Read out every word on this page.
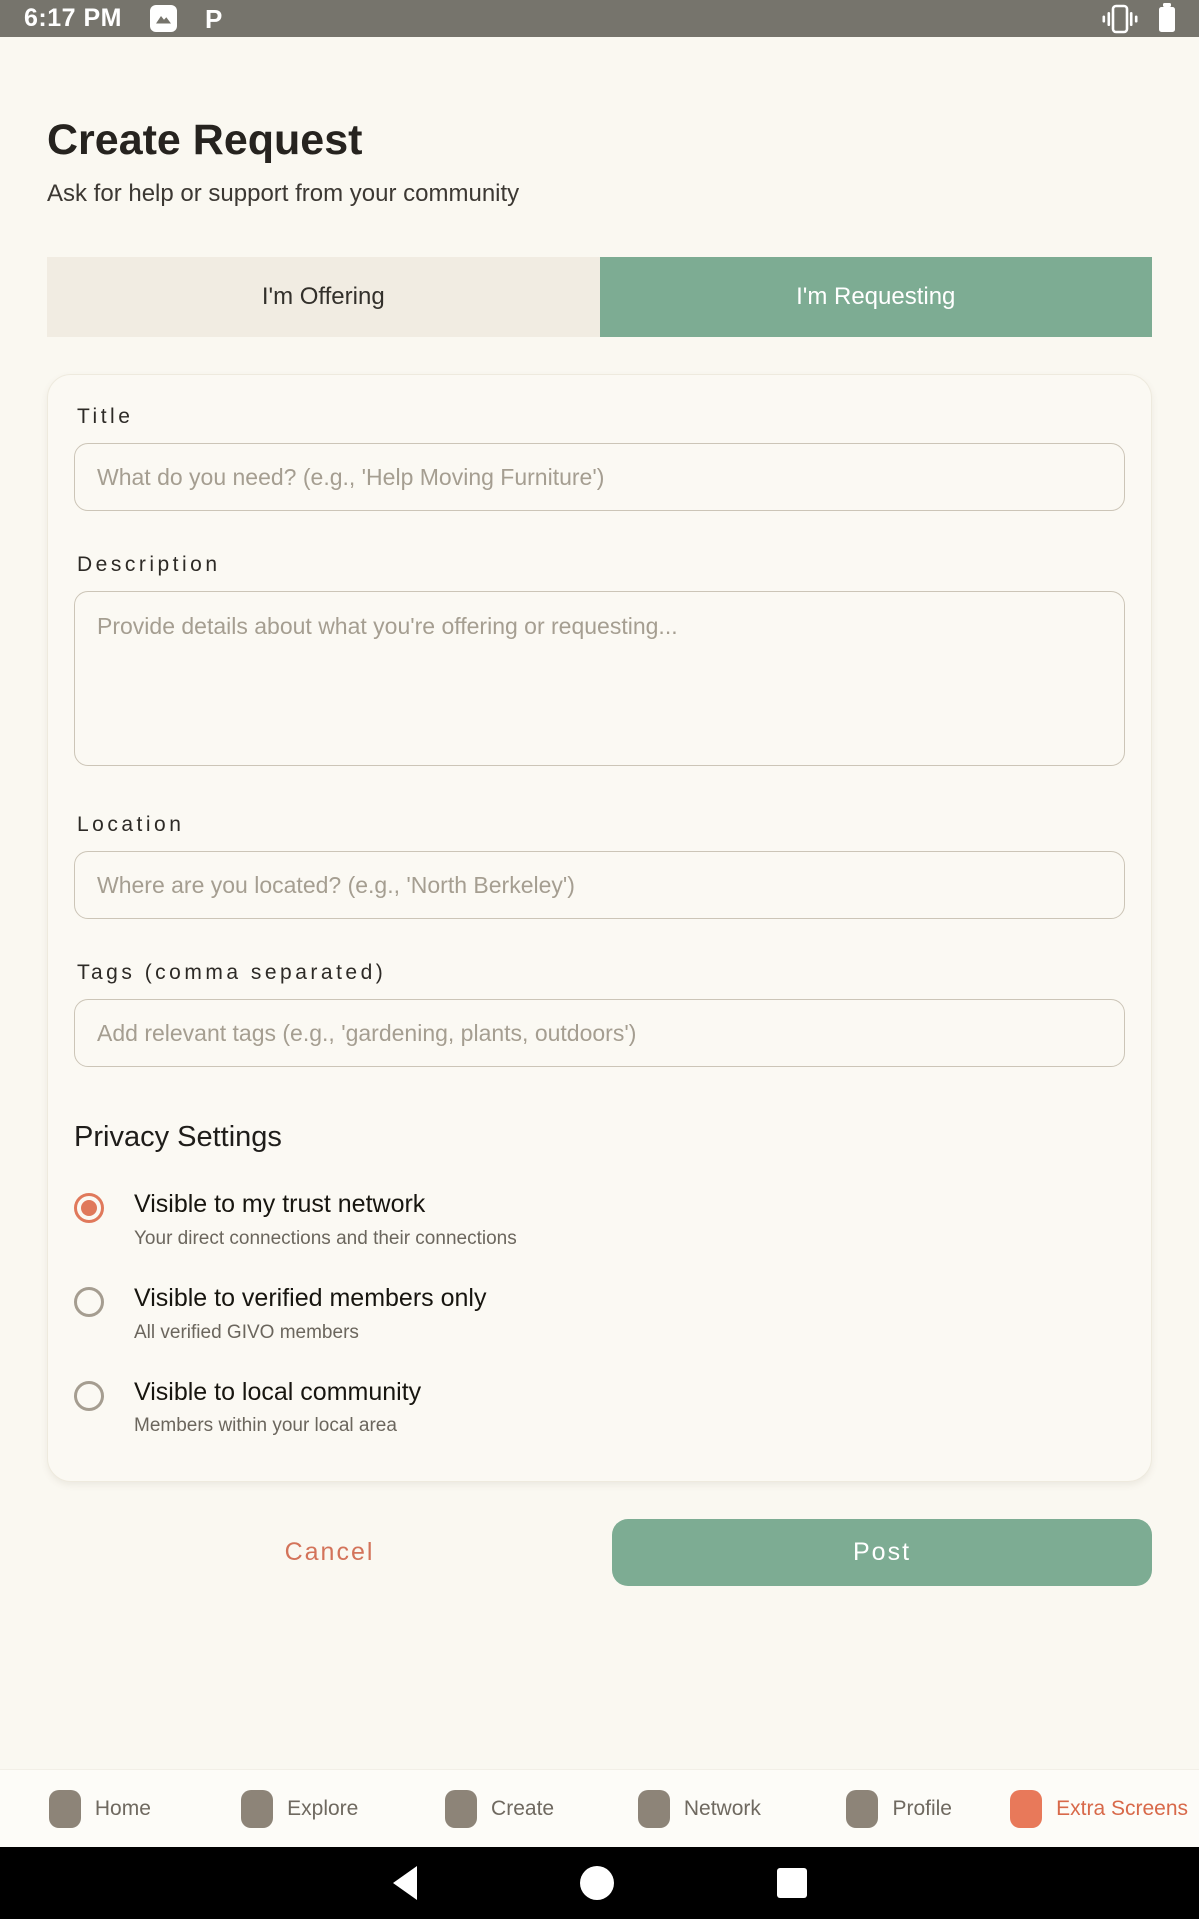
6:17 PM	P
Create Request
Ask for help or support from your community
I'm Offering	I'm Requesting
Title
What do you need? (e.g., 'Help Moving Furniture')
Description
Provide details about what you're offering or requesting...
Location
Where are you located? (e.g., 'North Berkeley')
Tags (comma separated)
Add relevant tags (e.g., 'gardening, plants, outdoors')
Privacy Settings
Visible to my trust network
Your direct connections and their connections
Visible to verified members only
All verified GIVO members
Visible to local community
Members within your local area
Cancel	Post
Home	Explore	Create	Network	Profile	Extra Screens
